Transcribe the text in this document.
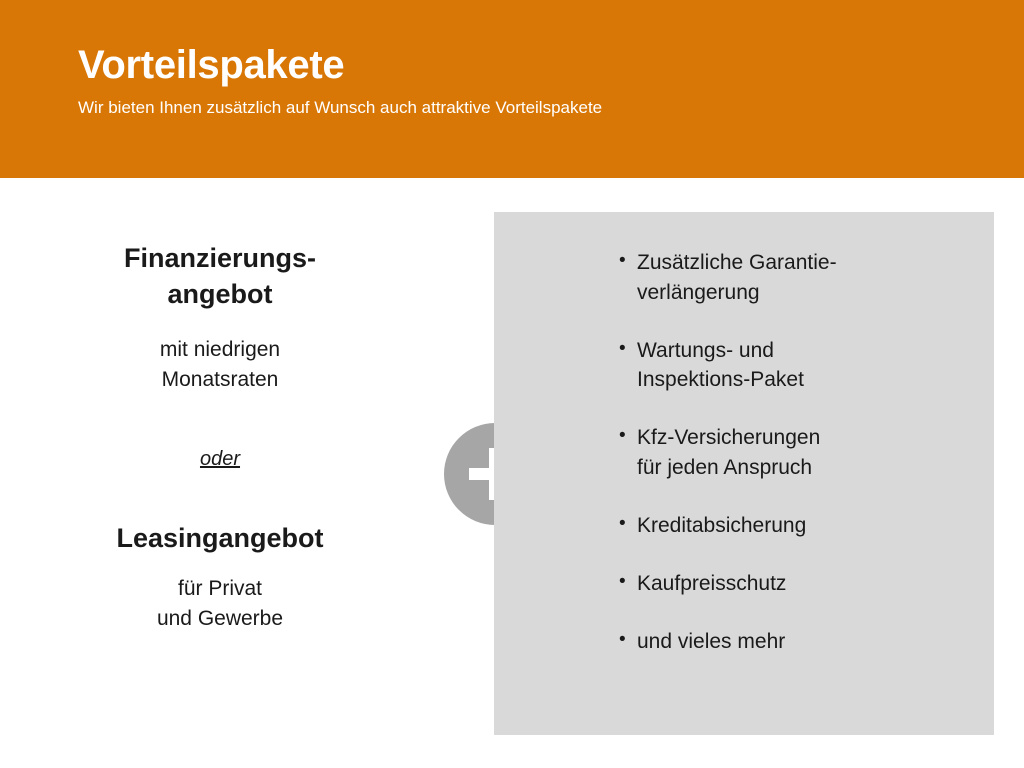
Vorteilspakete
Wir bieten Ihnen zusätzlich auf Wunsch auch attraktive Vorteilspakete
Finanzierungs-
angebot
mit niedrigen
Monatsraten
oder
Leasingangebot
für Privat
und Gewerbe
• Zusätzliche Garantie-
verlängerung
• Wartungs- und
Inspektions-Paket
• Kfz-Versicherungen
für jeden Anspruch
• Kreditabsicherung
• Kaufpreisschutz
• und vieles mehr
